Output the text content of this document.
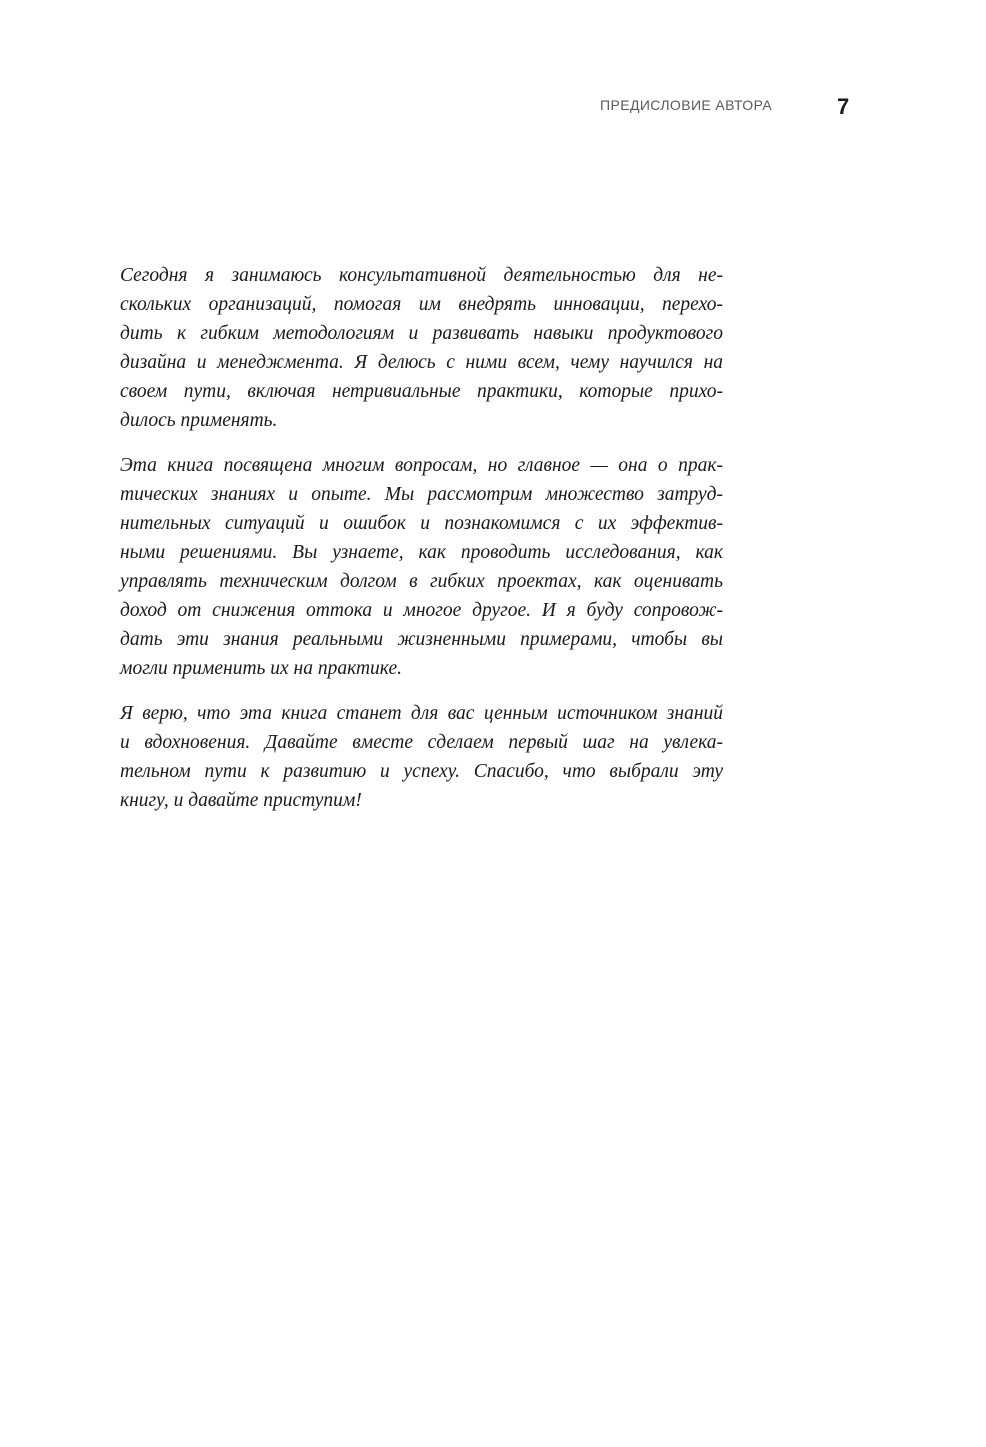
ПРЕДИСЛОВИЕ АВТОРА	7
Сегодня я занимаюсь консультативной деятельностью для не-
скольких организаций, помогая им внедрять инновации, перехо-
дить к гибким методологиям и развивать навыки продуктового
дизайна и менеджмента. Я делюсь с ними всем, чему научился на
своем пути, включая нетривиальные практики, которые прихо-
дилось применять.
Эта книга посвящена многим вопросам, но главное — она о прак-
тических знаниях и опыте. Мы рассмотрим множество затруд-
нительных ситуаций и ошибок и познакомимся с их эффектив-
ными решениями. Вы узнаете, как проводить исследования, как
управлять техническим долгом в гибких проектах, как оценивать
доход от снижения оттока и многое другое. И я буду сопровож-
дать эти знания реальными жизненными примерами, чтобы вы
могли применить их на практике.
Я верю, что эта книга станет для вас ценным источником знаний
и вдохновения. Давайте вместе сделаем первый шаг на увлека-
тельном пути к развитию и успеху. Спасибо, что выбрали эту
книгу, и давайте приступим!
